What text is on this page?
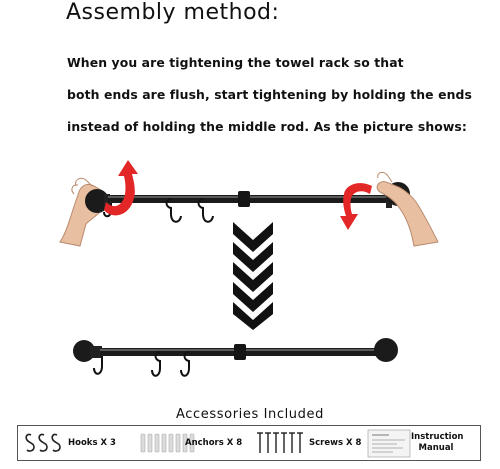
Assembly method:
When you are tightening the towel rack so that
both ends are flush, start tightening by holding the ends
instead of holding the middle rod. As the picture shows:
Accessories Included
Hooks X 3	Anchors X 8	Screws X 8
Instruction
Manual
